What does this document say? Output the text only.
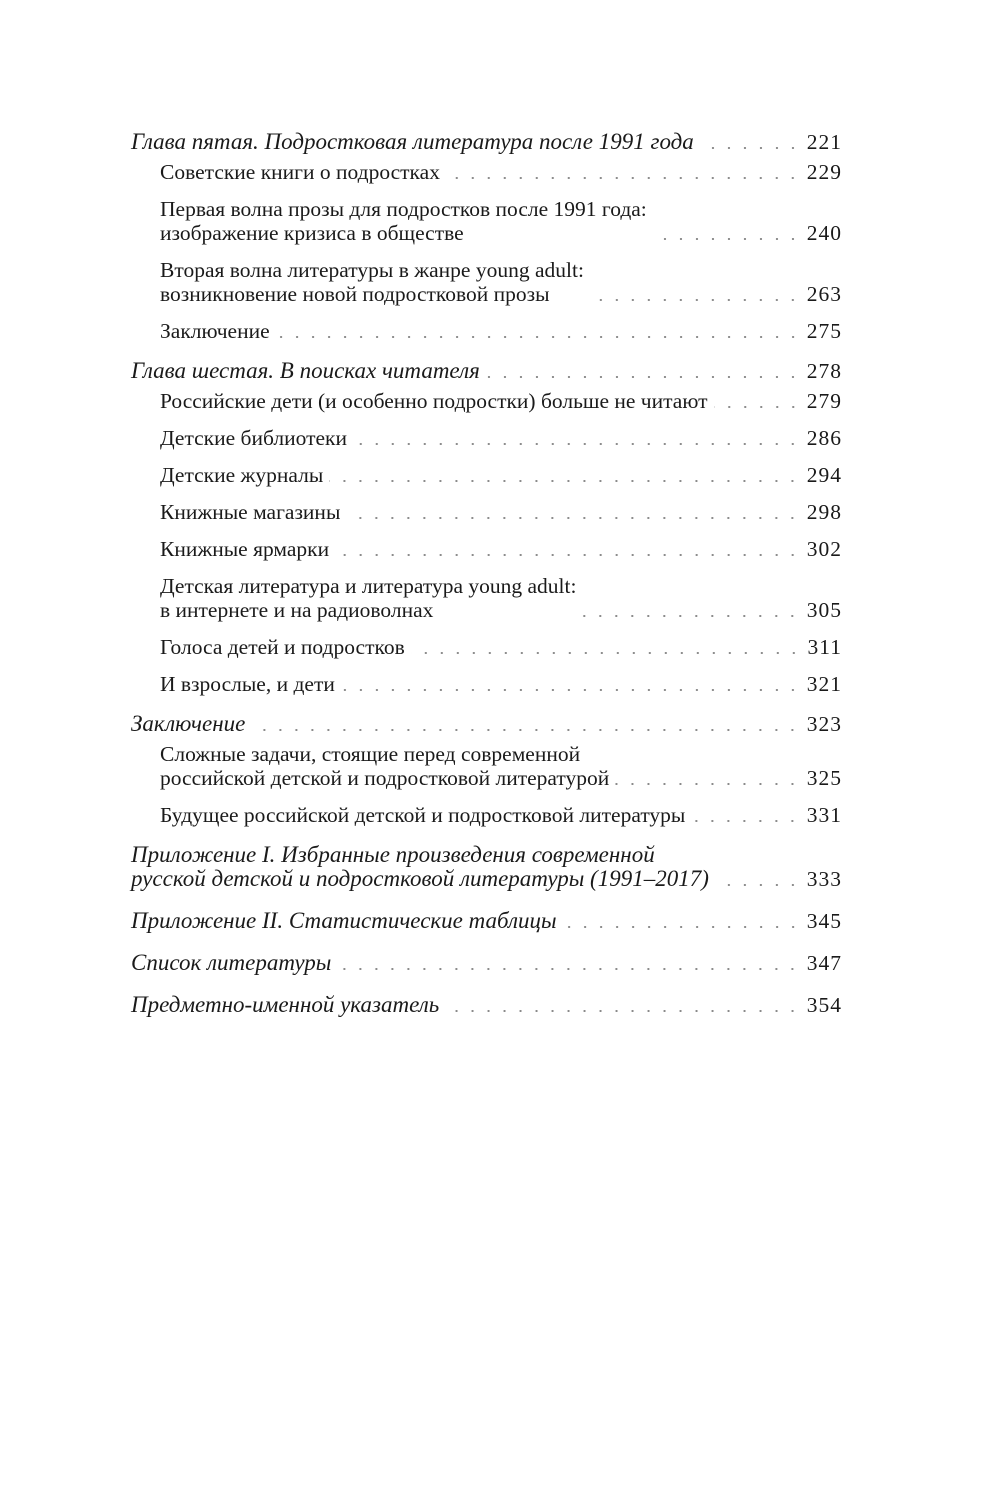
Глава пятая. Подростковая литература после 1991 года	221
Советские книги о подростках	229
Первая волна прозы для подростков после 1991 года:
изображение кризиса в обществе	240
Вторая волна литературы в жанре young adult:
возникновение новой подростковой прозы	263
Заключение	275
Глава шестая. В поисках читателя	278
Российские дети (и особенно подростки) больше не читают	279
Детские библиотеки	286
Детские журналы	294
Книжные магазины	298
Книжные ярмарки	302
Детская литература и литература young adult:
в интернете и на радиоволнах	305
Голоса детей и подростков	311
И взрослые, и дети	321
Заключение	323
Сложные задачи, стоящие перед современной
российской детской и подростковой литературой	325
Будущее российской детской и подростковой литературы	331
Приложение I. Избранные произведения современной
русской детской и подростковой литературы (1991–2017)	333
Приложение II. Статистические таблицы	345
Список литературы	347
Предметно-именной указатель	354
